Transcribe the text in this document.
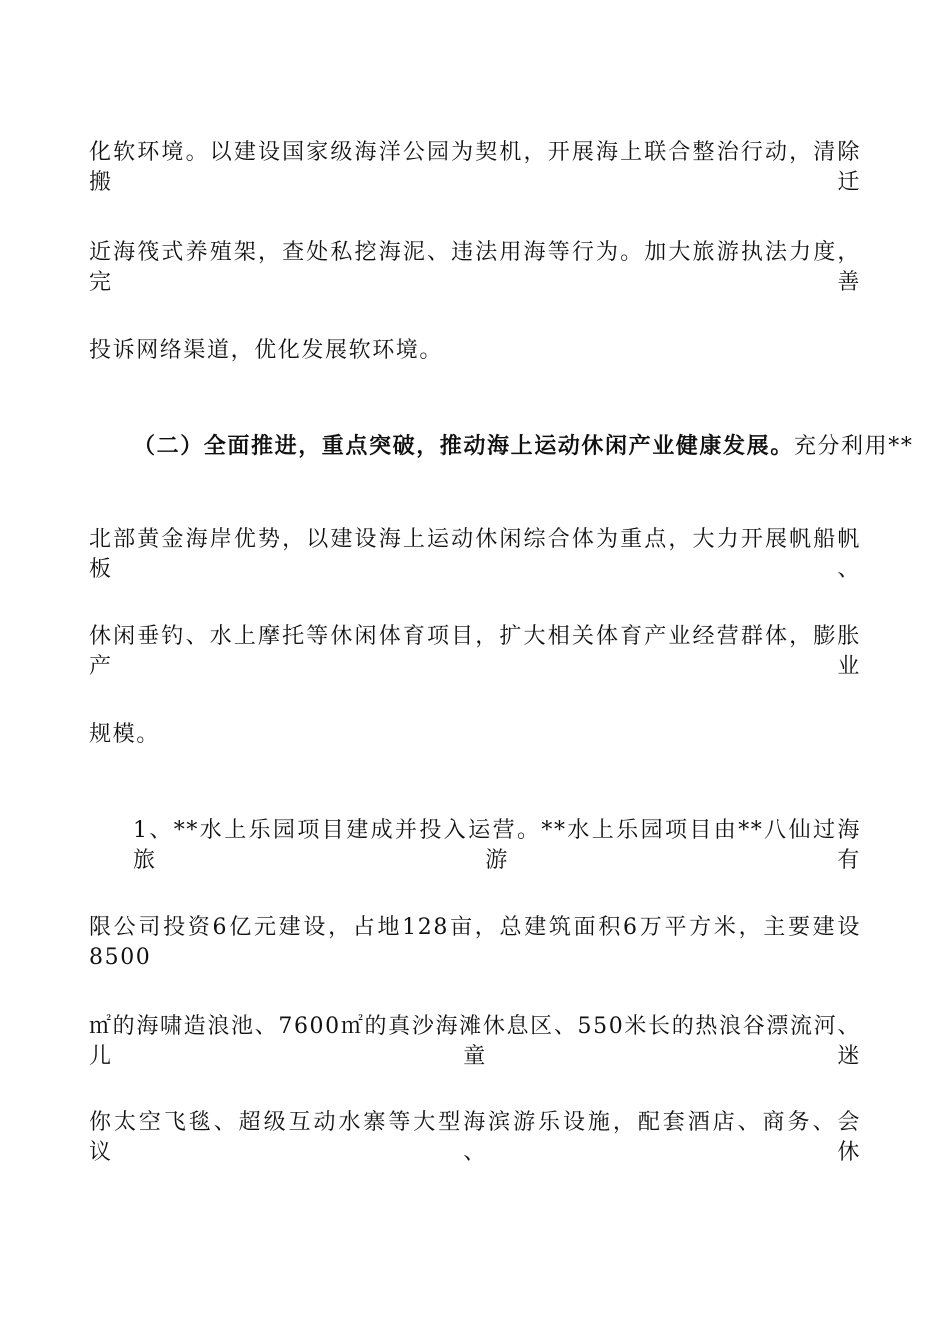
化软环境。以建设国家级海洋公园为契机，开展海上联合整治行动，清除搬迁
近海筏式养殖架，查处私挖海泥、违法用海等行为。加大旅游执法力度，完善
投诉网络渠道，优化发展软环境。
（二）全面推进，重点突破，推动海上运动休闲产业健康发展。充分利用**
北部黄金海岸优势，以建设海上运动休闲综合体为重点，大力开展帆船帆板、
休闲垂钓、水上摩托等休闲体育项目，扩大相关体育产业经营群体，膨胀产业
规模。
1、**水上乐园项目建成并投入运营。**水上乐园项目由**八仙过海旅游有
限公司投资6亿元建设，占地128亩，总建筑面积6万平方米，主要建设8500
㎡的海啸造浪池、7600㎡的真沙海滩休息区、550米长的热浪谷漂流河、儿童迷
你太空飞毯、超级互动水寨等大型海滨游乐设施，配套酒店、商务、会议、休
